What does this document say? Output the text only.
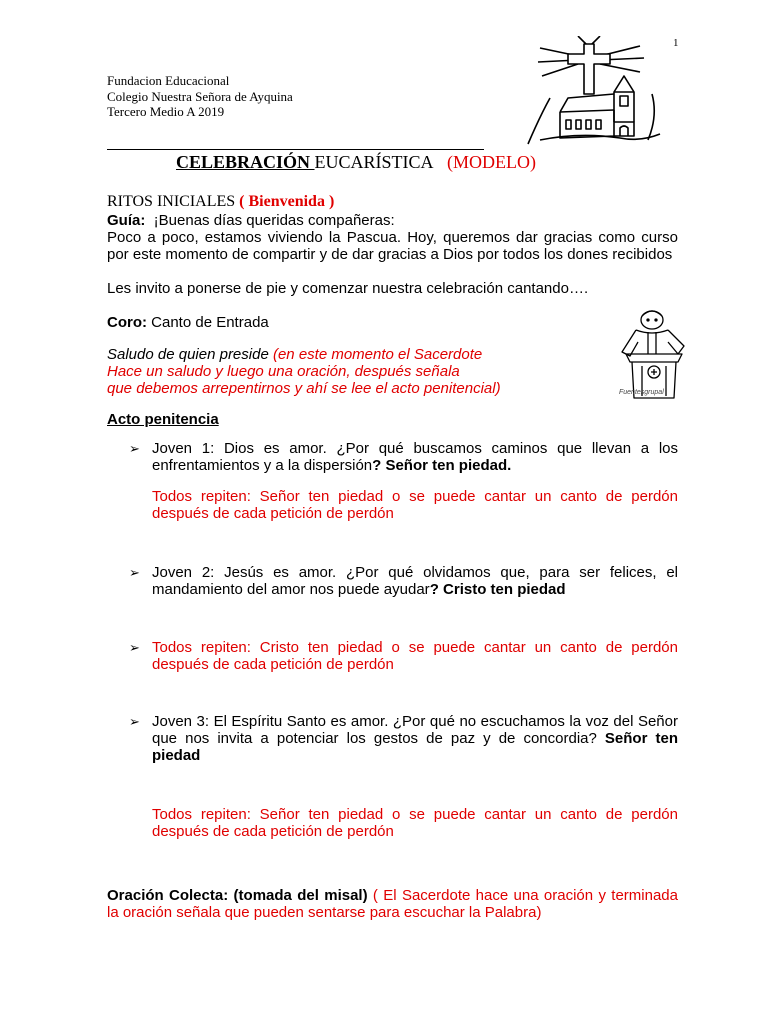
1
Fundacion Educacional
Colegio Nuestra Señora de Ayquina
Tercero Medio A 2019
CELEBRACIÓN EUCARÍSTICA (MODELO)
RITOS INICIALES ( Bienvenida )
Guía:  ¡Buenas días queridas compañeras:
Poco a poco, estamos viviendo la Pascua. Hoy, queremos dar gracias como curso por este momento de compartir y de dar gracias a Dios por todos los dones recibidos
Les invito a ponerse de pie y comenzar nuestra celebración cantando….
Coro: Canto de Entrada
Fuentesgrupal
Saludo de quien preside (en este momento el Sacerdote
Hace un saludo y luego una oración, después señala
que debemos arrepentirnos y ahí se lee el acto penitencial)
Acto penitencia
➢ Joven 1: Dios es amor. ¿Por qué buscamos caminos que llevan a los enfrentamientos y a la dispersión? Señor ten piedad.
Todos repiten: Señor ten piedad o se puede cantar un canto de perdón después de cada petición de perdón
➢ Joven 2: Jesús es amor. ¿Por qué olvidamos que, para ser felices, el mandamiento del amor nos puede ayudar? Cristo ten piedad
➢ Todos repiten: Cristo ten piedad o se puede cantar un canto de perdón después de cada petición de perdón
➢ Joven 3: El Espíritu Santo es amor. ¿Por qué no escuchamos la voz del Señor que nos invita a potenciar los gestos de paz y de concordia? Señor ten piedad
Todos repiten: Señor ten piedad o se puede cantar un canto de perdón después de cada petición de perdón
Oración Colecta: (tomada del misal) ( El Sacerdote hace una oración y terminada la oración señala que pueden sentarse para escuchar la Palabra)
